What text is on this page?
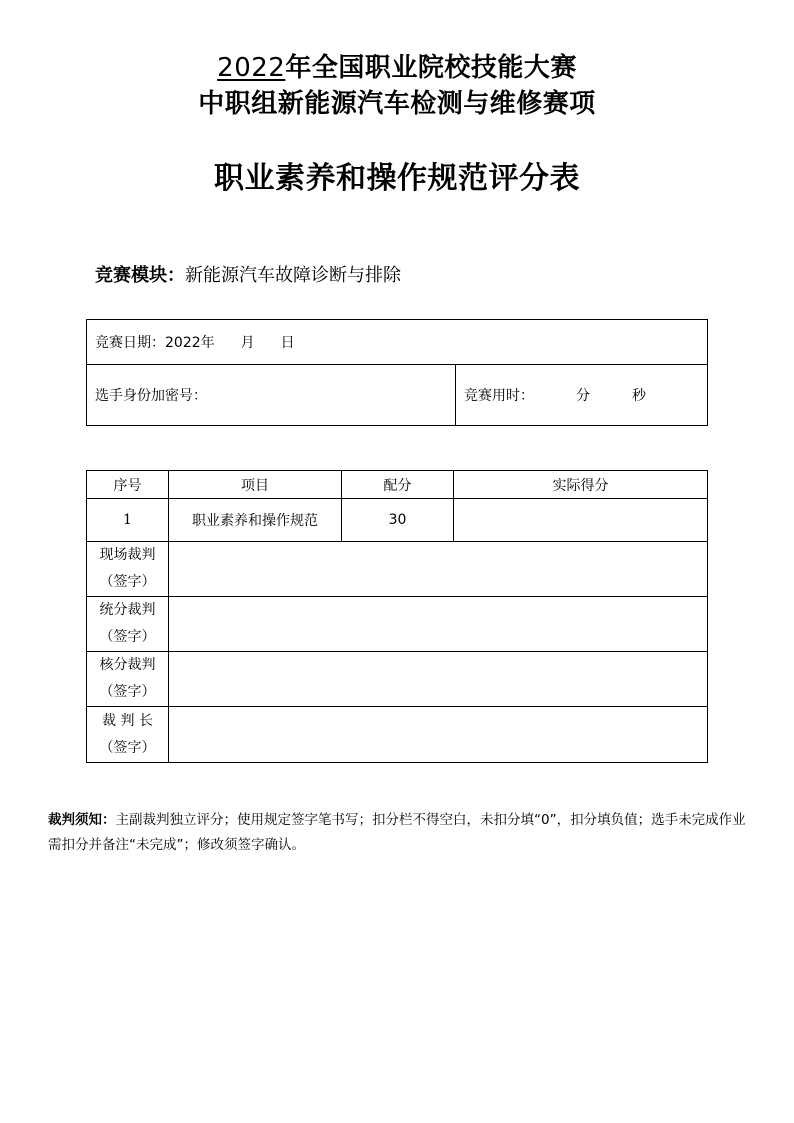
2022年全国职业院校技能大赛
中职组新能源汽车检测与维修赛项
职业素养和操作规范评分表
竞赛模块：新能源汽车故障诊断与排除
竞赛日期：2022年 月 日
选手身份加密号：	竞赛用时：	分	秒
序号	项目	配分	实际得分
1	职业素养和操作规范	30	
现场裁判
（签字）			
统分裁判
（签字）			
核分裁判
（签字）			
裁 判 长
（签字）			
裁判须知：主副裁判独立评分；使用规定签字笔书写；扣分栏不得空白，未扣分填“0”，扣分填负值；选手未完成作业需扣分并备注“未完成”；修改须签字确认。
